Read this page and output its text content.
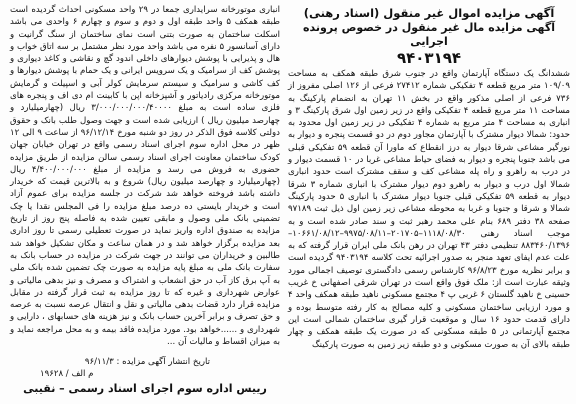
آگهی مزایده اموال غیر منقول (اسناد رهنی)

آگهی مزایده مال غیر منقول در خصوص پرونده اجرایی

۹۴۰۳۱۹۴

ششدانگ یک دستگاه آپارتمان واقع در جنوب شرق طبقه همکف به مساحت ۱۰۹/۰۹ متر مربع قطعه ۴ تفکیکی شماره ۲۷۴۱۲ فرعی از ۱۲۶ اصلی مفروز از ۷۳۶ فرعی از اصلی مذکور واقع در بخش ۱۱ تهران به انضمام پارکینگ به مساحت ۱۱ متر مربع قطعه ۴ تفکیکی واقع در زیر زمین اول شرق پارکینگ ۳ و انباری به مساحت ۴ متر مربع به شماره ۴ تفکیکی در زیر زمین اول محدود به حدود: شمالا دیوار مشترک با آپارتمان مجاور دوم در دو قسمت پنجره و دیوار به نورگیر مشاعی شرقا دیوار به درز انقطاع که ماورا آن قطعه ۵۹ تفکیکی قبلی می باشد جنوبا پنجره و دیوار به فضای حیاط مشاعی غربا در ۱۰ قسمت دیوار و در درب به راهرو و راه پله مشاعی کف و سقف مشترک است حدود انباری شمالا اول درب و دیوار به راهرو دوم دیوار مشترک با انباری شماره ۳ شرقا دیوار به قطعه ۵۹ تفکیکی قبلی جنوبا دیوار مشترک با انباری ۵ حدود پارکینگ شمالا و شرقا و جنوبا و غربا به محوطه مشاعی زیر زمین اول ذیل ثبت ۹۷۱۸۹ صفحه ۳۸ دفتر ۶۸۹ بنام علی محمد رهبر ثبت و سند صادر شده است و به موجب اسناد رهنی ۱۱۱۸/۰۸/۳۰–۲۰۱۷۰۵–۹۹۷۵/۰۸/۱۱–۱۰۶۶۱/۰۸/۱۲–۸۸۳۴۶۰/۱۳۹۶ تنظیمی دفتر ۴۳ تهران در رهن بانک ملی ایران قرار گرفته که به علت عدم ایفای تعهد منجر به صدور اجرائیه تحت کلاسه ۹۴۰۳۱۹۴ گردیده است و برابر نظریه مورخ ۹۶/۸/۲۳ کارشناس رسمی دادگستری توصیف اجمالی مورد وثیقه عبارت است از: ملک فوق واقع است در تهران شرقی اصفهانی خ غریب حسینی خ ناهید گلستان ۶ غربی پ ۴ مجتمع مسکونی ناهید طبقه همکف واحد ۴ و مورد ارزیابی ساختمان مسکونی و کلیه مصالح به کار رفته متوسط بوده و دارای قدمت حدود ۱۶ سال و موقعیت قرار گیری ساختمان شمالی است این مجتمع آپارتمانی در ۵ طبقه مسکونی که در صورت یک طبقه همکف و چهار طبقه بالای آن به صورت مسکونی و دو طبقه زیر زمین به صورت پارکینگ

انباری موتورخانه سرایداری جمعا در ۲۹ واحد مسکونی احداث گردیده است طبقه همکف ۵ واحد طبقه اول و دوم و سوم و چهارم ۶ واحدی می باشد اسکلت ساختمان به صورت بتنی است نمای ساختمان از سنگ گرانیت و دارای آسانسور ۵ نفره می باشد واحد مورد نظر مشتمل بر سه اتاق خواب و هال و پذیرایی با پوشش دیوارهای داخلی اندود گچ و نقاشی و کاغذ دیواری و پوشش کف از سرامیک و یک سرویس ایرانی و یک حمام با پوشش دیوارها و کف کاشی و سرامیک و سیستم سرمایش کولر آبی و اسپیلت و گرمایش موتورخانه مرکزی رادیاتور و آشپزخانه اپن با کابینت ام دی اف و پنجره های فلزی ساده است به مبلغ ۳/۰۰۰/۰۰۰/۰۰۰/۴۰۰۰۰ ریال (چهارمیلیارد و چهارصد میلیون ریال ) ارزیابی شده است و جهت وصول طلب بانک و حقوق دولتی کلاسه فوق الذکر در روز دو شنبه مورخ ۹۶/۱۲/۱۴ از ساعت ۹ الی ۱۲ ظهر در محل اداره سوم اجرای اسناد رسمی واقع در تهران خیابان جهان کودک ساختمان معاونت اجرای اسناد رسمی سالن مزایده از طریق مزایده حضوری به فروش می رسد و مزایده از مبلغ ۴/۴۰۰/۰۰۰/۰۰۰ ریال (چهارمیلیارد و چهارصد میلیون ریال) شروع و به بالاترین قیمت که خریدار داشته باشد فروخته خواهد شد شرکت در جلسه مزایده برای عموم آزاد است و خریدار بایستی ده درصد مبلغ مزایده را فی المجلس نقدا یا چک تضمینی بانک ملی وصول و مابقی تعیین شده به فاصله پنج روز از تاریخ مزایده به صندوق اداره واریز نماید در صورت تعطیلی رسمی تا روز اداری بعد مزایده برگزار خواهد شد و در همان ساعت و مکان تشکیل خواهد شد طالبین و خریداران می توانند در جهت شرکت در مزایده در حساب بانک به سفارت بانک ملی به مبلغ پایه مزایده به صورت چک تضمین شده بانک ملی به آپ برق کاز آب در حق انشعاب و اشتراک و مصرف و نیز بدهی مالیاتی و عوارض شهرداری و غیره که تا روز مزایده به ثبت قرار گرفته در مقابل مزایده قرار دارد قضات بدهی مالیاتی و نقل و انتقال عرصه نسبت به عرصه و حق تصرف و برابر آخرین حساب بانک و نیز هزینه های حسابهای ، دارایی و شهرداری و ......خواهد بود. مورد مزایده فاقد بیمه و به محل مراجعه نماید و به میزان اقساط و مالیات آن ...

تاریخ انتشار آگهی مزایده : ۹۶/۱۱/۳
۱۹۶۲۸ / م الف
رییس اداره سوم اجرای اسناد رسمی – نقیبی
